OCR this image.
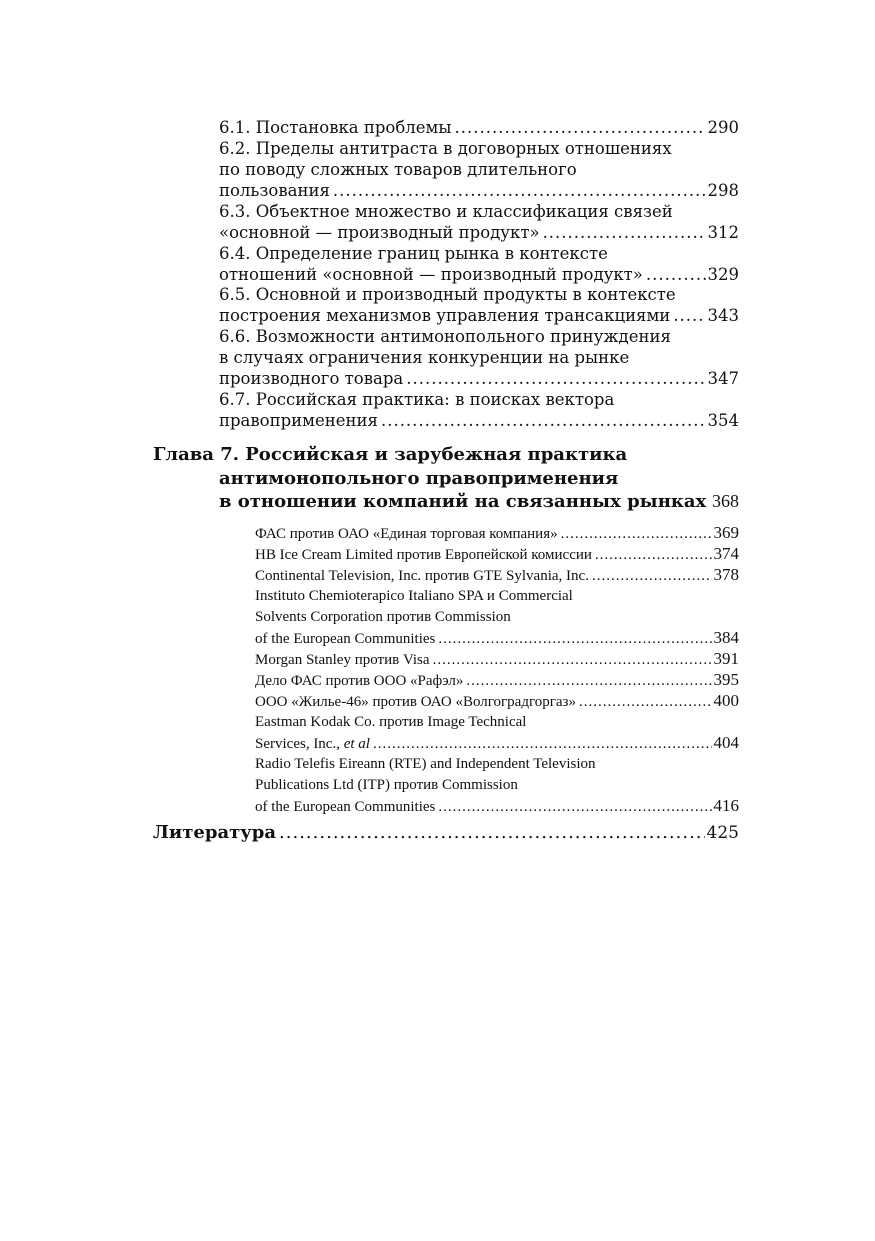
6.1. Постановка проблемы .....	290
6.2. Пределы антитраста в договорных отношениях
по поводу сложных товаров длительного
пользования .....	298
6.3. Объектное множество и классификация связей
«основной — производный продукт» .....	312
6.4. Определение границ рынка в контексте
отношений «основной — производный продукт» .....	329
6.5. Основной и производный продукты в контексте
построения механизмов управления трансакциями ..... 343
6.6. Возможности антимонопольного принуждения
в случаях ограничения конкуренции на рынке
производного товара .....	347
6.7. Российская практика: в поисках вектора
правоприменения .....	354
Глава 7. Российская и зарубежная практика
антимонопольного правоприменения
в отношении компаний на связанных рынках ..... 368
ФАС против ОАО «Единая торговая компания» .....	369
HB Ice Cream Limited против Европейской комиссии .....	374
Continental Television, Inc. против GTE Sylvania, Inc. .....	378
Instituto Chemioterapico Italiano SPA и Commercial
Solvents Corporation против Commission
of the European Communities .....	384
Morgan Stanley против Visa .....	391
Дело ФАС против ООО «Рафэл» .....	395
ООО «Жилье-46» против ОАО «Волгоградгоргаз» .....	400
Eastman Kodak Co. против Image Technical
Services, Inc., et al .....	404
Radio Telefis Eireann (RTE) and Independent Television
Publications Ltd (ITP) против Commission
of the European Communities .....	416
Литература .....	425
